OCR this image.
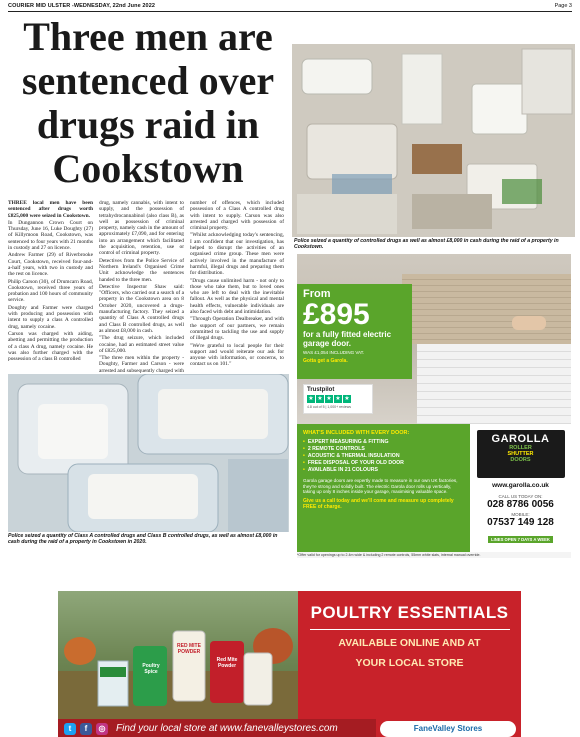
COURIER MID ULSTER -WEDNESDAY, 22nd June 2022	Page 3
Three men are sentenced over drugs raid in Cookstown

THREE local men have been sentenced after drugs worth £825,000 were seized in Cookstown.

In Dungannon Crown Court on Thursday, June 16, Luke Doughty (27) of Killymoon Road, Cookstown, was sentenced to four years with 21 months in custody and 27 on licence.

Andrew Farmer (29) of Riverbrooke Court, Cookstown, received four-and-a-half years, with two in custody and the rest on licence.

Philip Carson (30), of Drumcarn Road, Cookstown, received three years of probation and 100 hours of community service.

Doughty and Farmer were charged with producing and possession with intent to supply a class A controlled drug, namely cocaine.

Carson was charged with aiding, abetting and permitting the production of a class A drug, namely cocaine. He was also further charged with the possession of a class B controlled

drug, namely cannabis, with intent to supply, and the possession of tetrahydrocannabinol (also class B), as well as possession of criminal property, namely cash in the amount of approximately £7,090, and for entering into an arrangement which facilitated the acquisition, retention, use or control of criminal property.

Detectives from the Police Service of Northern Ireland's Organised Crime Unit acknowledge the sentences handed to the three men.

Detective Inspector Shaw said: "Officers, who carried out a search of a property in the Cookstown area on 8 October 2020, uncovered a drugs-manufacturing factory. They seized a quantity of Class A controlled drugs and Class B controlled drugs, as well as almost £8,000 in cash.

"The drug seizure, which included cocaine, had an estimated street value of £825,000.

"The three men within the property - Doughty, Farmer and Carson - were arrested and subsequently charged with

number of offences, which included possession of a Class A controlled drug with intent to supply. Carson was also arrested and charged with possession of criminal property.

"Whilst acknowledging today's sentencing, I am confident that our investigation, has helped to disrupt the activities of an organised crime group. These men were actively involved in the manufacture of harmful, illegal drugs and preparing them for distribution.

"Drugs cause unlimited harm - not only to those who take them, but to loved ones who are left to deal with the inevitable fallout. As well as the physical and mental health effects, vulnerable individuals are also faced with debt and intimidation.

"Through Operation Dealbreaker, and with the support of our partners, we remain committed to tackling the use and supply of illegal drugs.

"We're grateful to local people for their support and would reiterate our ask for anyone with information, or concerns, to contact us on 101."

Police seized a quantity of controlled drugs as well as almost £8,000 in cash during the raid of a property in Cookstown.
Police seized a quantity of Class A controlled drugs and Class B controlled drugs, as well as almost £8,000 in cash during the raid of a property in Cookstown in 2020.
From
£895
for a fully fitted electric garage door.
WAS £1,054 INCLUDING VAT.
Gotta get a Garola.
Trustpilot
★ ★ ★ ★ ★
4.8 out of 5 | 1,000+ reviews
WHAT'S INCLUDED WITH EVERY DOOR:
• EXPERT MEASURING & FITTING
• 2 REMOTE CONTROLS
• ACOUSTIC & THERMAL INSULATION
• FREE DISPOSAL OF YOUR OLD DOOR
• AVAILABLE IN 21 COLOURS
Garola garage doors are expertly made to measure in our own UK factories, they're strong and solidly built. The electric Garola door rolls up vertically, taking up only 8 inches inside your garage, maximising valuable space.
Give us a call today and we'll come and measure up completely FREE of charge.
GAROLLA
ROLLER
SHUTTER
DOORS
www.garolla.co.uk
CALL US TODAY ON:
028 8786 0056
MOBILE:
07537 149 128
LINES OPEN 7 DAYS A WEEK
*Offer valid for openings up to 2.4m wide & including 2 remote controls, 55mm white slats, internal manual override.
Poultry Spice
RED MITE POWDER
Red Mite Powder
POULTRY ESSENTIALS
AVAILABLE ONLINE AND AT
YOUR LOCAL STORE
t	f	◎ Find your local store at www.fanevalleystores.com	FaneValley Stores
